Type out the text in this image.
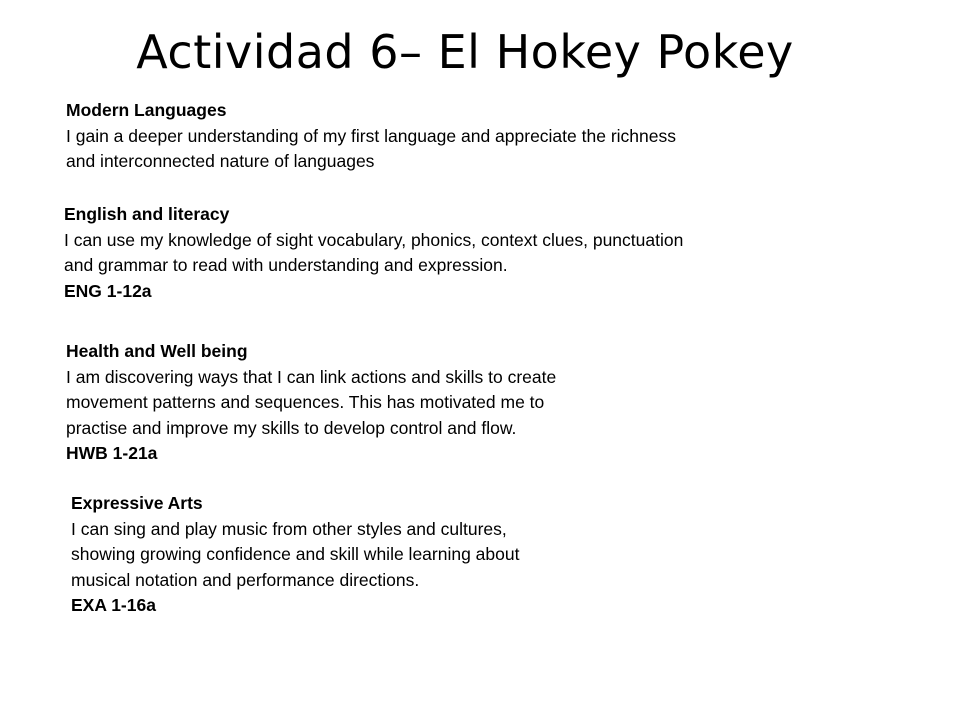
Actividad 6– El Hokey Pokey
Modern Languages
I gain a deeper understanding of my first language and appreciate the richness
and interconnected nature of languages
English and literacy
I can use my knowledge of sight vocabulary, phonics, context clues, punctuation
and grammar to read with understanding and expression.
ENG 1-12a
Health and Well being
I am discovering ways that I can link actions and skills to create
movement patterns and sequences. This has motivated me to
practise and improve my skills to develop control and flow.
HWB 1-21a
Expressive Arts
I can sing and play music from other styles and cultures,
showing growing confidence and skill while learning about
musical notation and performance directions.
EXA 1-16a
